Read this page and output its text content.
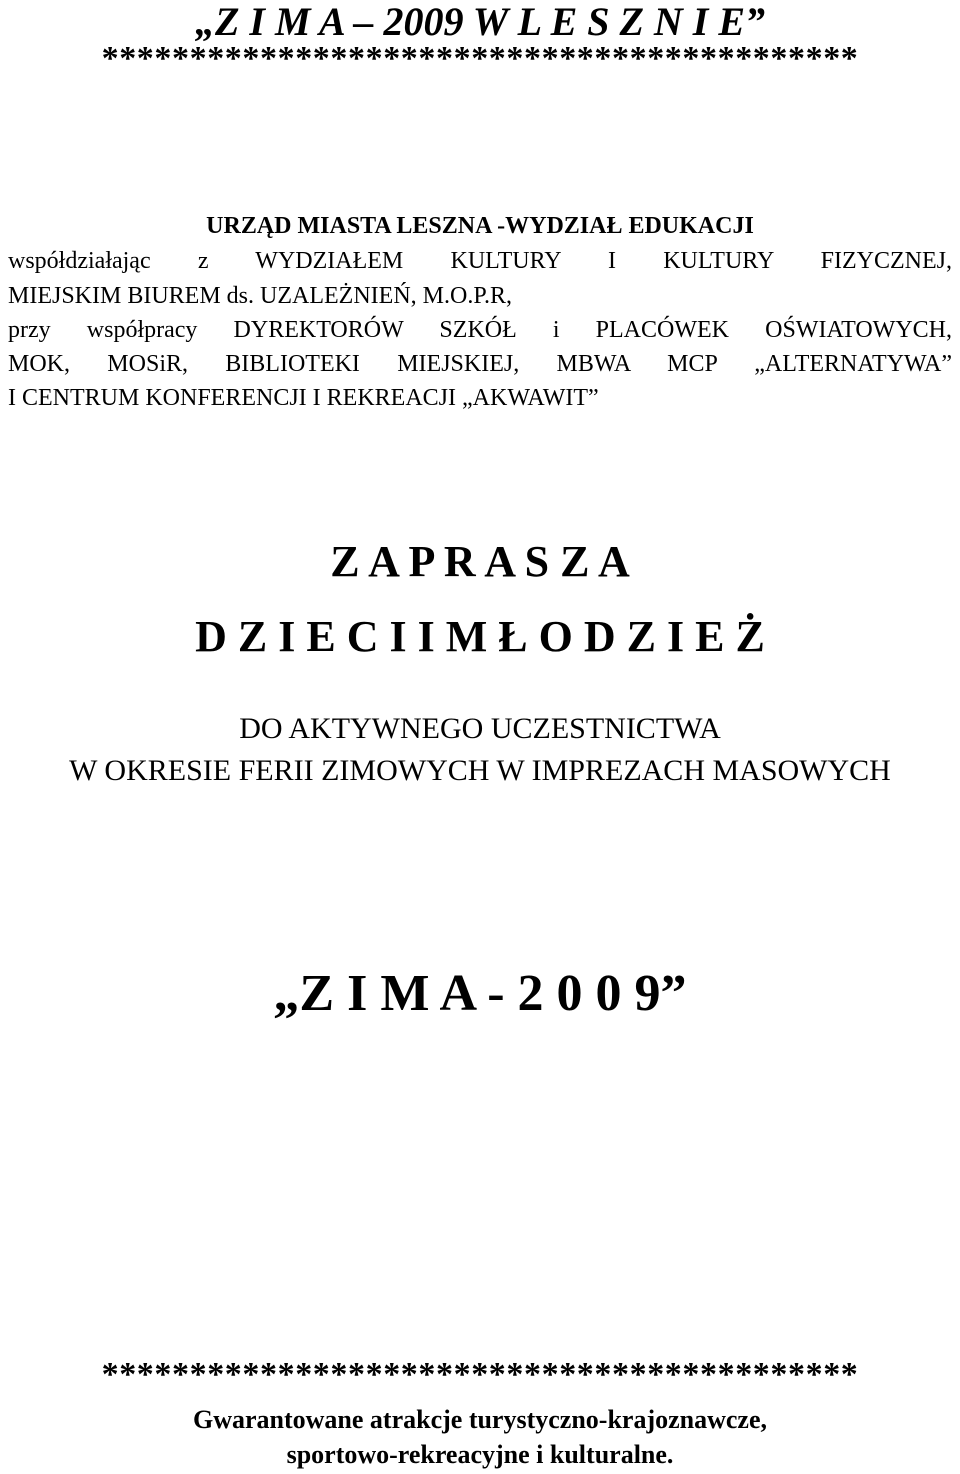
„Z I M A – 2009 W L E S Z N I E”
*******************************************
URZĄD MIASTA LESZNA -WYDZIAŁ EDUKACJI
współdziałając z WYDZIAŁEM KULTURY I KULTURY FIZYCZNEJ,
MIEJSKIM BIUREM ds. UZALEŻNIEŃ, M.O.P.R,
przy współpracy DYREKTORÓW SZKÓŁ i PLACÓWEK OŚWIATOWYCH,
MOK, MOSiR, BIBLIOTEKI MIEJSKIEJ, MBWA MCP „ALTERNATYWA”
I CENTRUM KONFERENCJI I REKREACJI „AKWAWIT”
Z A P R A S Z A
D Z I E C I I M Ł O D Z I E Ż
DO AKTYWNEGO UCZESTNICTWA
W OKRESIE FERII ZIMOWYCH W IMPREZACH MASOWYCH
„Z I M A - 2 0 0 9”
*******************************************
Gwarantowane atrakcje turystyczno-krajoznawcze,
sportowo-rekreacyjne i kulturalne.
